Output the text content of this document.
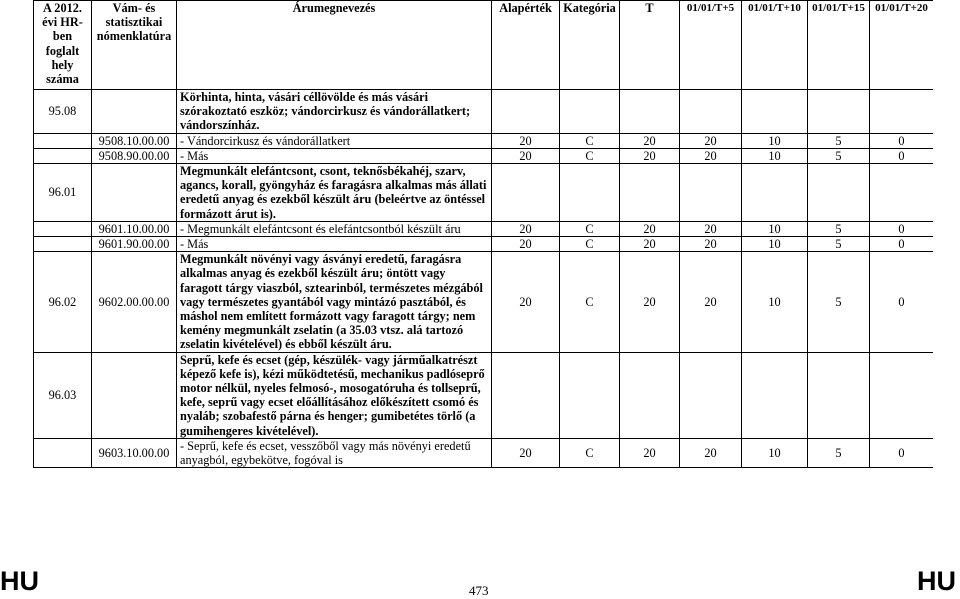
A 2012. évi HR-ben foglalt hely száma	Vám- és statisztikai nómenklatúra	Árumegnevezés	Alapérték	Kategória	T	01/01/T+5	01/01/T+10	01/01/T+15	01/01/T+20
95.08		Körhinta, hinta, vásári céllövölde és más vásári szórakoztató eszköz; vándorcirkusz és vándorállatkert; vándorszínház.							
	9508.10.00.00	- Vándorcirkusz és vándorállatkert	20	C	20	20	10	5	0
	9508.90.00.00	- Más	20	C	20	20	10	5	0
96.01		Megmunkált elefántcsont, csont, teknősbékahéj, szarv, agancs, korall, gyöngyház és faragásra alkalmas más állati eredetű anyag és ezekből készült áru (beleértve az öntéssel formázott árut is).							
	9601.10.00.00	- Megmunkált elefántcsont és elefántcsontból készült áru	20	C	20	20	10	5	0
	9601.90.00.00	- Más	20	C	20	20	10	5	0
96.02	9602.00.00.00	Megmunkált növényi vagy ásványi eredetű, faragásra alkalmas anyag és ezekből készült áru; öntött vagy faragott tárgy viaszból, sztearinból, természetes mézgából vagy természetes gyantából vagy mintázó pasztából, és máshol nem említett formázott vagy faragott tárgy; nem kemény megmunkált zselatin (a 35.03 vtsz. alá tartozó zselatin kivételével) és ebből készült áru.	20	C	20	20	10	5	0
96.03		Seprű, kefe és ecset (gép, készülék- vagy járműalkatrészt képező kefe is), kézi működtetésű, mechanikus padlóseprő motor nélkül, nyeles felmosó-, mosogatóruha és tollseprű, kefe, seprű vagy ecset előállításához előkészített csomó és nyaláb; szobafestő párna és henger; gumibetétes törlő (a gumihengeres kivételével).							
	9603.10.00.00	- Seprű, kefe és ecset, vesszőből vagy más növényi eredetű anyagból, egybekötve, fogóval is	20	C	20	20	10	5	0
HU	473	HU
